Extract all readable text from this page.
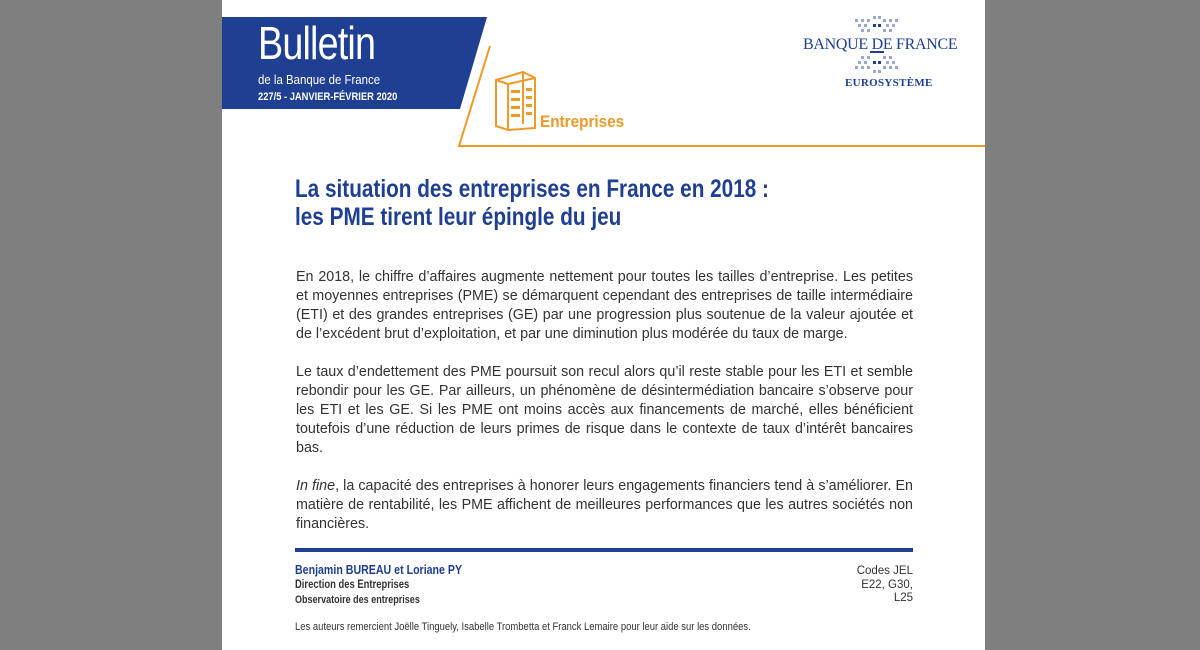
Bulletin
de la Banque de France
227/5 - JANVIER-FÉVRIER 2020
Entreprises
BANQUE DE FRANCE
EUROSYSTÈME
La situation des entreprises en France en 2018 :
les PME tirent leur épingle du jeu

En 2018, le chiffre d’affaires augmente nettement pour toutes les tailles d’entreprise. Les petites et moyennes entreprises (PME) se démarquent cependant des entreprises de taille intermédiaire (ETI) et des grandes entreprises (GE) par une progression plus soutenue de la valeur ajoutée et de l’excédent brut d’exploitation, et par une diminution plus modérée du taux de marge.

Le taux d’endettement des PME poursuit son recul alors qu’il reste stable pour les ETI et semble rebondir pour les GE. Par ailleurs, un phénomène de désintermédiation bancaire s’observe pour les ETI et les GE. Si les PME ont moins accès aux financements de marché, elles bénéficient toutefois d’une réduction de leurs primes de risque dans le contexte de taux d’intérêt bancaires bas.

In fine, la capacité des entreprises à honorer leurs engagements financiers tend à s’améliorer. En matière de rentabilité, les PME affichent de meilleures performances que les autres sociétés non financières.

Benjamin BUREAU et Loriane PY
Direction des Entreprises
Observatoire des entreprises
Codes JEL
E22, G30,
L25
Les auteurs remercient Joëlle Tinguely, Isabelle Trombetta et Franck Lemaire pour leur aide sur les données.
